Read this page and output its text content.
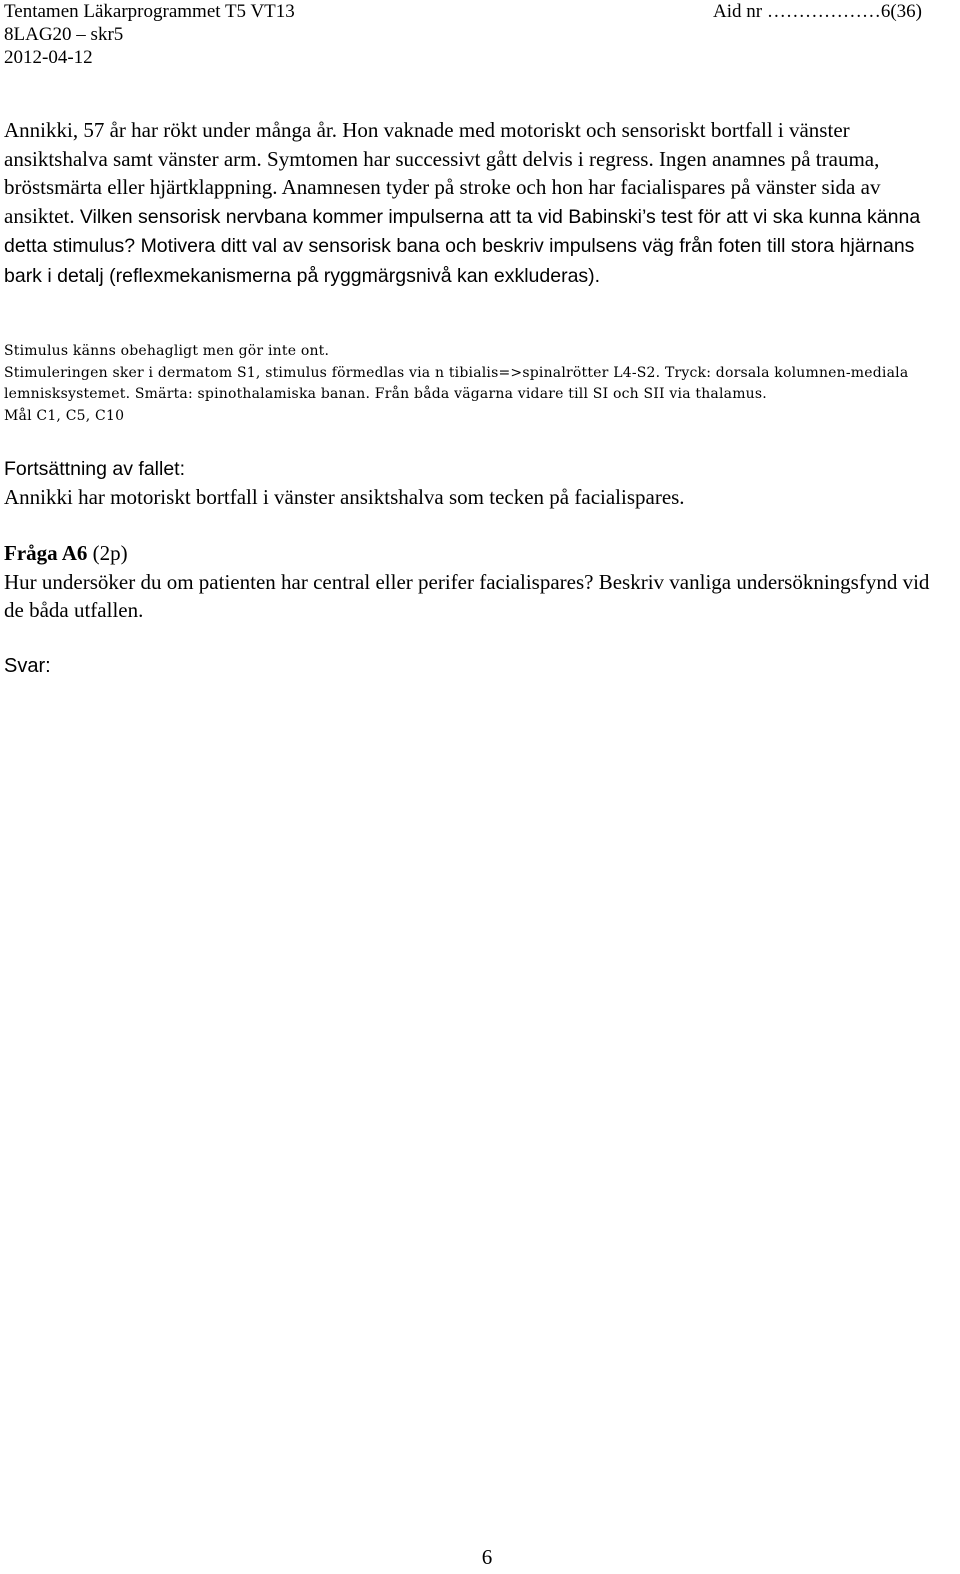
Tentamen Läkarprogrammet T5 VT13
8LAG20 – skr5
2012-04-12
Aid nr ………………6(36)
Annikki, 57 år har rökt under många år. Hon vaknade med motoriskt och sensoriskt bortfall i vänster ansiktshalva samt vänster arm. Symtomen har successivt gått delvis i regress. Ingen anamnes på trauma, bröstsmärta eller hjärtklappning. Anamnesen tyder på stroke och hon har facialispares på vänster sida av ansiktet. Vilken sensorisk nervbana kommer impulserna att ta vid Babinski’s test för att vi ska kunna känna detta stimulus? Motivera ditt val av sensorisk bana och beskriv impulsens väg från foten till stora hjärnans bark i detalj (reflexmekanismerna på ryggmärgsnivå kan exkluderas).

Stimulus känns obehagligt men gör inte ont.

Stimuleringen sker i dermatom S1, stimulus förmedlas via n tibialis=>spinalrötter L4-S2. Tryck: dorsala kolumnen-mediala lemnisksystemet. Smärta: spinothalamiska banan. Från båda vägarna vidare till SI och SII via thalamus.

Mål C1, C5, C10

Fortsättning av fallet:
Annikki har motoriskt bortfall i vänster ansiktshalva som tecken på facialispares.
Fråga A6 (2p)
Hur undersöker du om patienten har central eller perifer facialispares? Beskriv vanliga undersökningsfynd vid de båda utfallen.
Svar:
6
